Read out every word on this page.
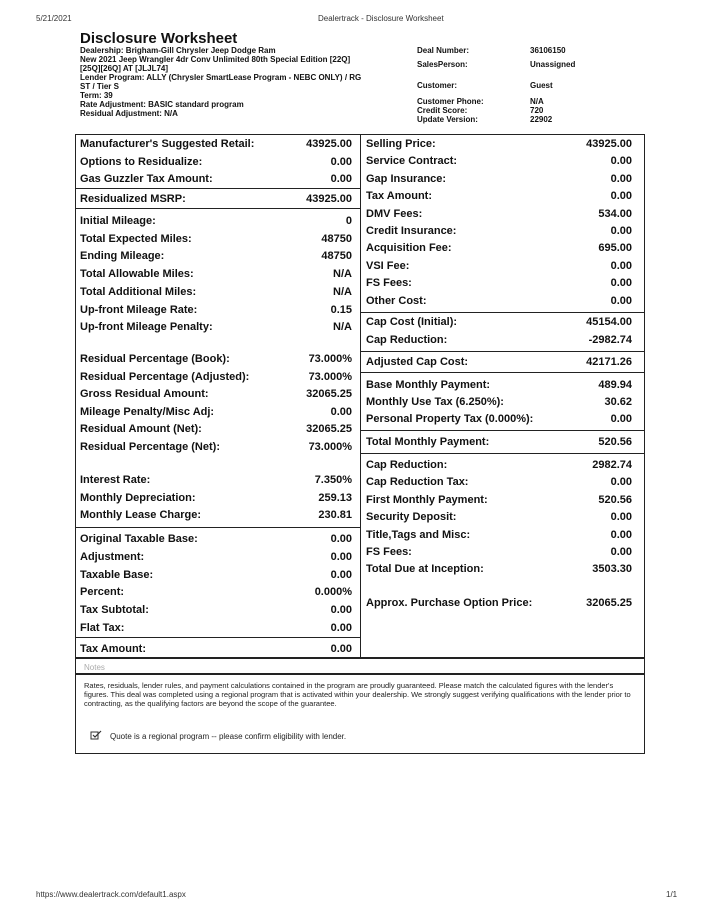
5/21/2021	Dealertrack - Disclosure Worksheet
Disclosure Worksheet
Dealership: Brigham-Gill Chrysler Jeep Dodge Ram
New 2021 Jeep Wrangler 4dr Conv Unlimited 80th Special Edition [22Q]
[25Q][26Q] AT [JLJL74]
Lender Program: ALLY (Chrysler SmartLease Program - NEBC ONLY) / RG
ST / Tier S
Term: 39
Rate Adjustment: BASIC standard program
Residual Adjustment: N/A
Deal Number:	36106150
SalesPerson:	Unassigned
Customer:	Guest
Customer Phone:	N/A
Credit Score:	720
Update Version:	22902
Manufacturer's Suggested Retail:	43925.00
Options to Residualize:	0.00
Gas Guzzler Tax Amount:	0.00
Residualized MSRP:	43925.00
Initial Mileage:	0
Total Expected Miles:	48750
Ending Mileage:	48750
Total Allowable Miles:	N/A
Total Additional Miles:	N/A
Up-front Mileage Rate:	0.15
Up-front Mileage Penalty:	N/A
Residual Percentage (Book):	73.000%
Residual Percentage (Adjusted):	73.000%
Gross Residual Amount:	32065.25
Mileage Penalty/Misc Adj:	0.00
Residual Amount (Net):	32065.25
Residual Percentage (Net):	73.000%
Interest Rate:	7.350%
Monthly Depreciation:	259.13
Monthly Lease Charge:	230.81
Original Taxable Base:	0.00
Adjustment:	0.00
Taxable Base:	0.00
Percent:	0.000%
Tax Subtotal:	0.00
Flat Tax:	0.00
Tax Amount:	0.00
Selling Price:	43925.00
Service Contract:	0.00
Gap Insurance:	0.00
Tax Amount:	0.00
DMV Fees:	534.00
Credit Insurance:	0.00
Acquisition Fee:	695.00
VSI Fee:	0.00
FS Fees:	0.00
Other Cost:	0.00
Cap Cost (Initial):	45154.00
Cap Reduction:	-2982.74
Adjusted Cap Cost:	42171.26
Base Monthly Payment:	489.94
Monthly Use Tax (6.250%):	30.62
Personal Property Tax (0.000%):	0.00
Total Monthly Payment:	520.56
Cap Reduction:	2982.74
Cap Reduction Tax:	0.00
First Monthly Payment:	520.56
Security Deposit:	0.00
Title,Tags and Misc:	0.00
FS Fees:	0.00
Total Due at Inception:	3503.30
Approx. Purchase Option Price:	32065.25
Notes
Rates, residuals, lender rules, and payment calculations contained in the program are proudly guaranteed. Please match the calculated figures with the lender's figures. This deal was completed using a regional program that is activated within your dealership. We strongly suggest verifying qualifications with the lender prior to contracting, as the qualifying factors are beyond the scope of the guarantee.
Quote is a regional program -- please confirm eligibility with lender.
https://www.dealertrack.com/default1.aspx	1/1
